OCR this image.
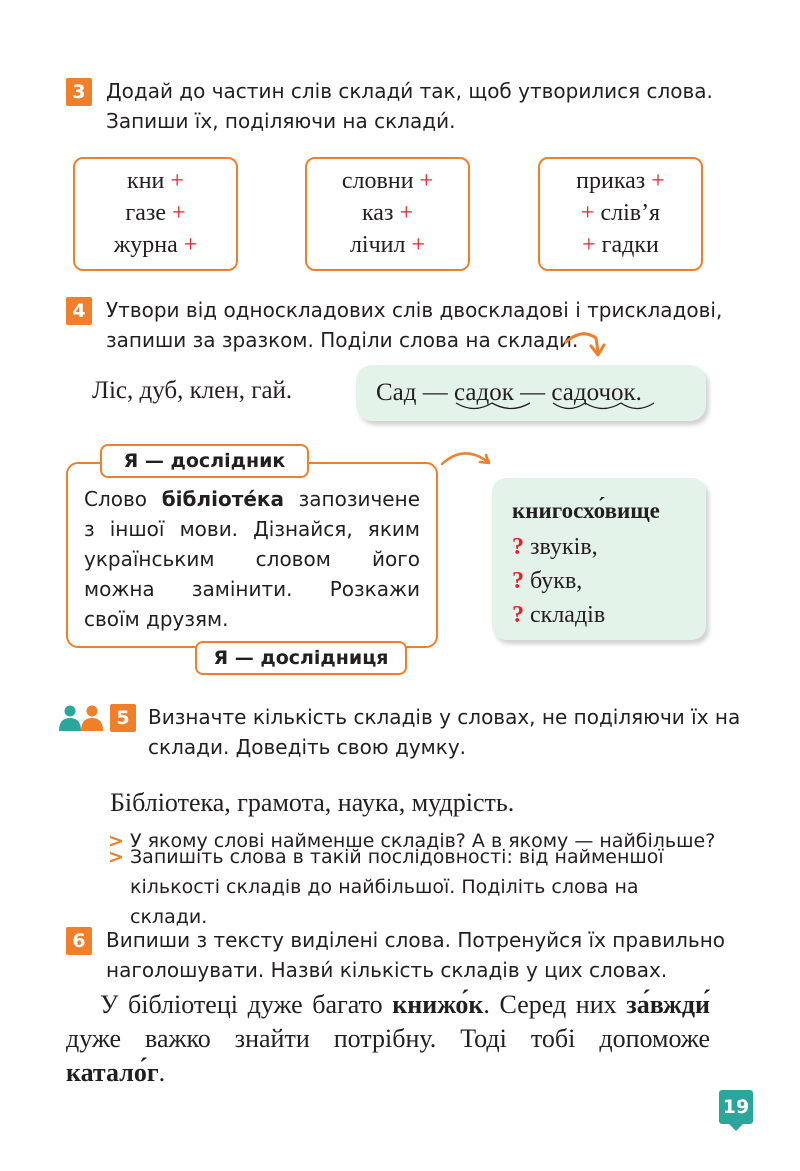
3	Додай до частин слів склади́ так, щоб утворилися слова.
Запиши їх, поділяючи на склади́.
кни +
газе +
журна +
словни +
каз +
лічил +
приказ +
+ слів’я
+ гадки
4	Утвори від односкладових слів двоскладові і трискладові,
запиши за зразком. Поділи слова на склади.
Ліс, дуб, клен, гай.	Сад — садок — садочок
.

Слово бібліоте́ка запозичене з іншої мови. Дізнайся, яким українським словом його можна замінити. Розкажи своїм друзям.

Я — дослідник
Я — дослідниця
книгосхо́вище
? звуків,
? букв,
? складів
5 Визначте кількість складів у словах, не поділяючи їх на
склади. Доведіть свою думку.
Бібліотека, грамота, наука, мудрість.
> У якому слові найменше складів? А в якому — найбільше?
> Запишіть слова в такій послідовності: від найменшої
кількості складів до найбільшої. Поділіть слова на склади.
6	Випиши з тексту виділені слова. Потренуйся їх правильно
наголошувати. Назви́ кількість складів у цих словах.
У бібліотеці дуже багато книжо́к. Серед них за́вжди́ дуже важко знайти потрібну. Тоді тобі допоможе катало́г.
19
